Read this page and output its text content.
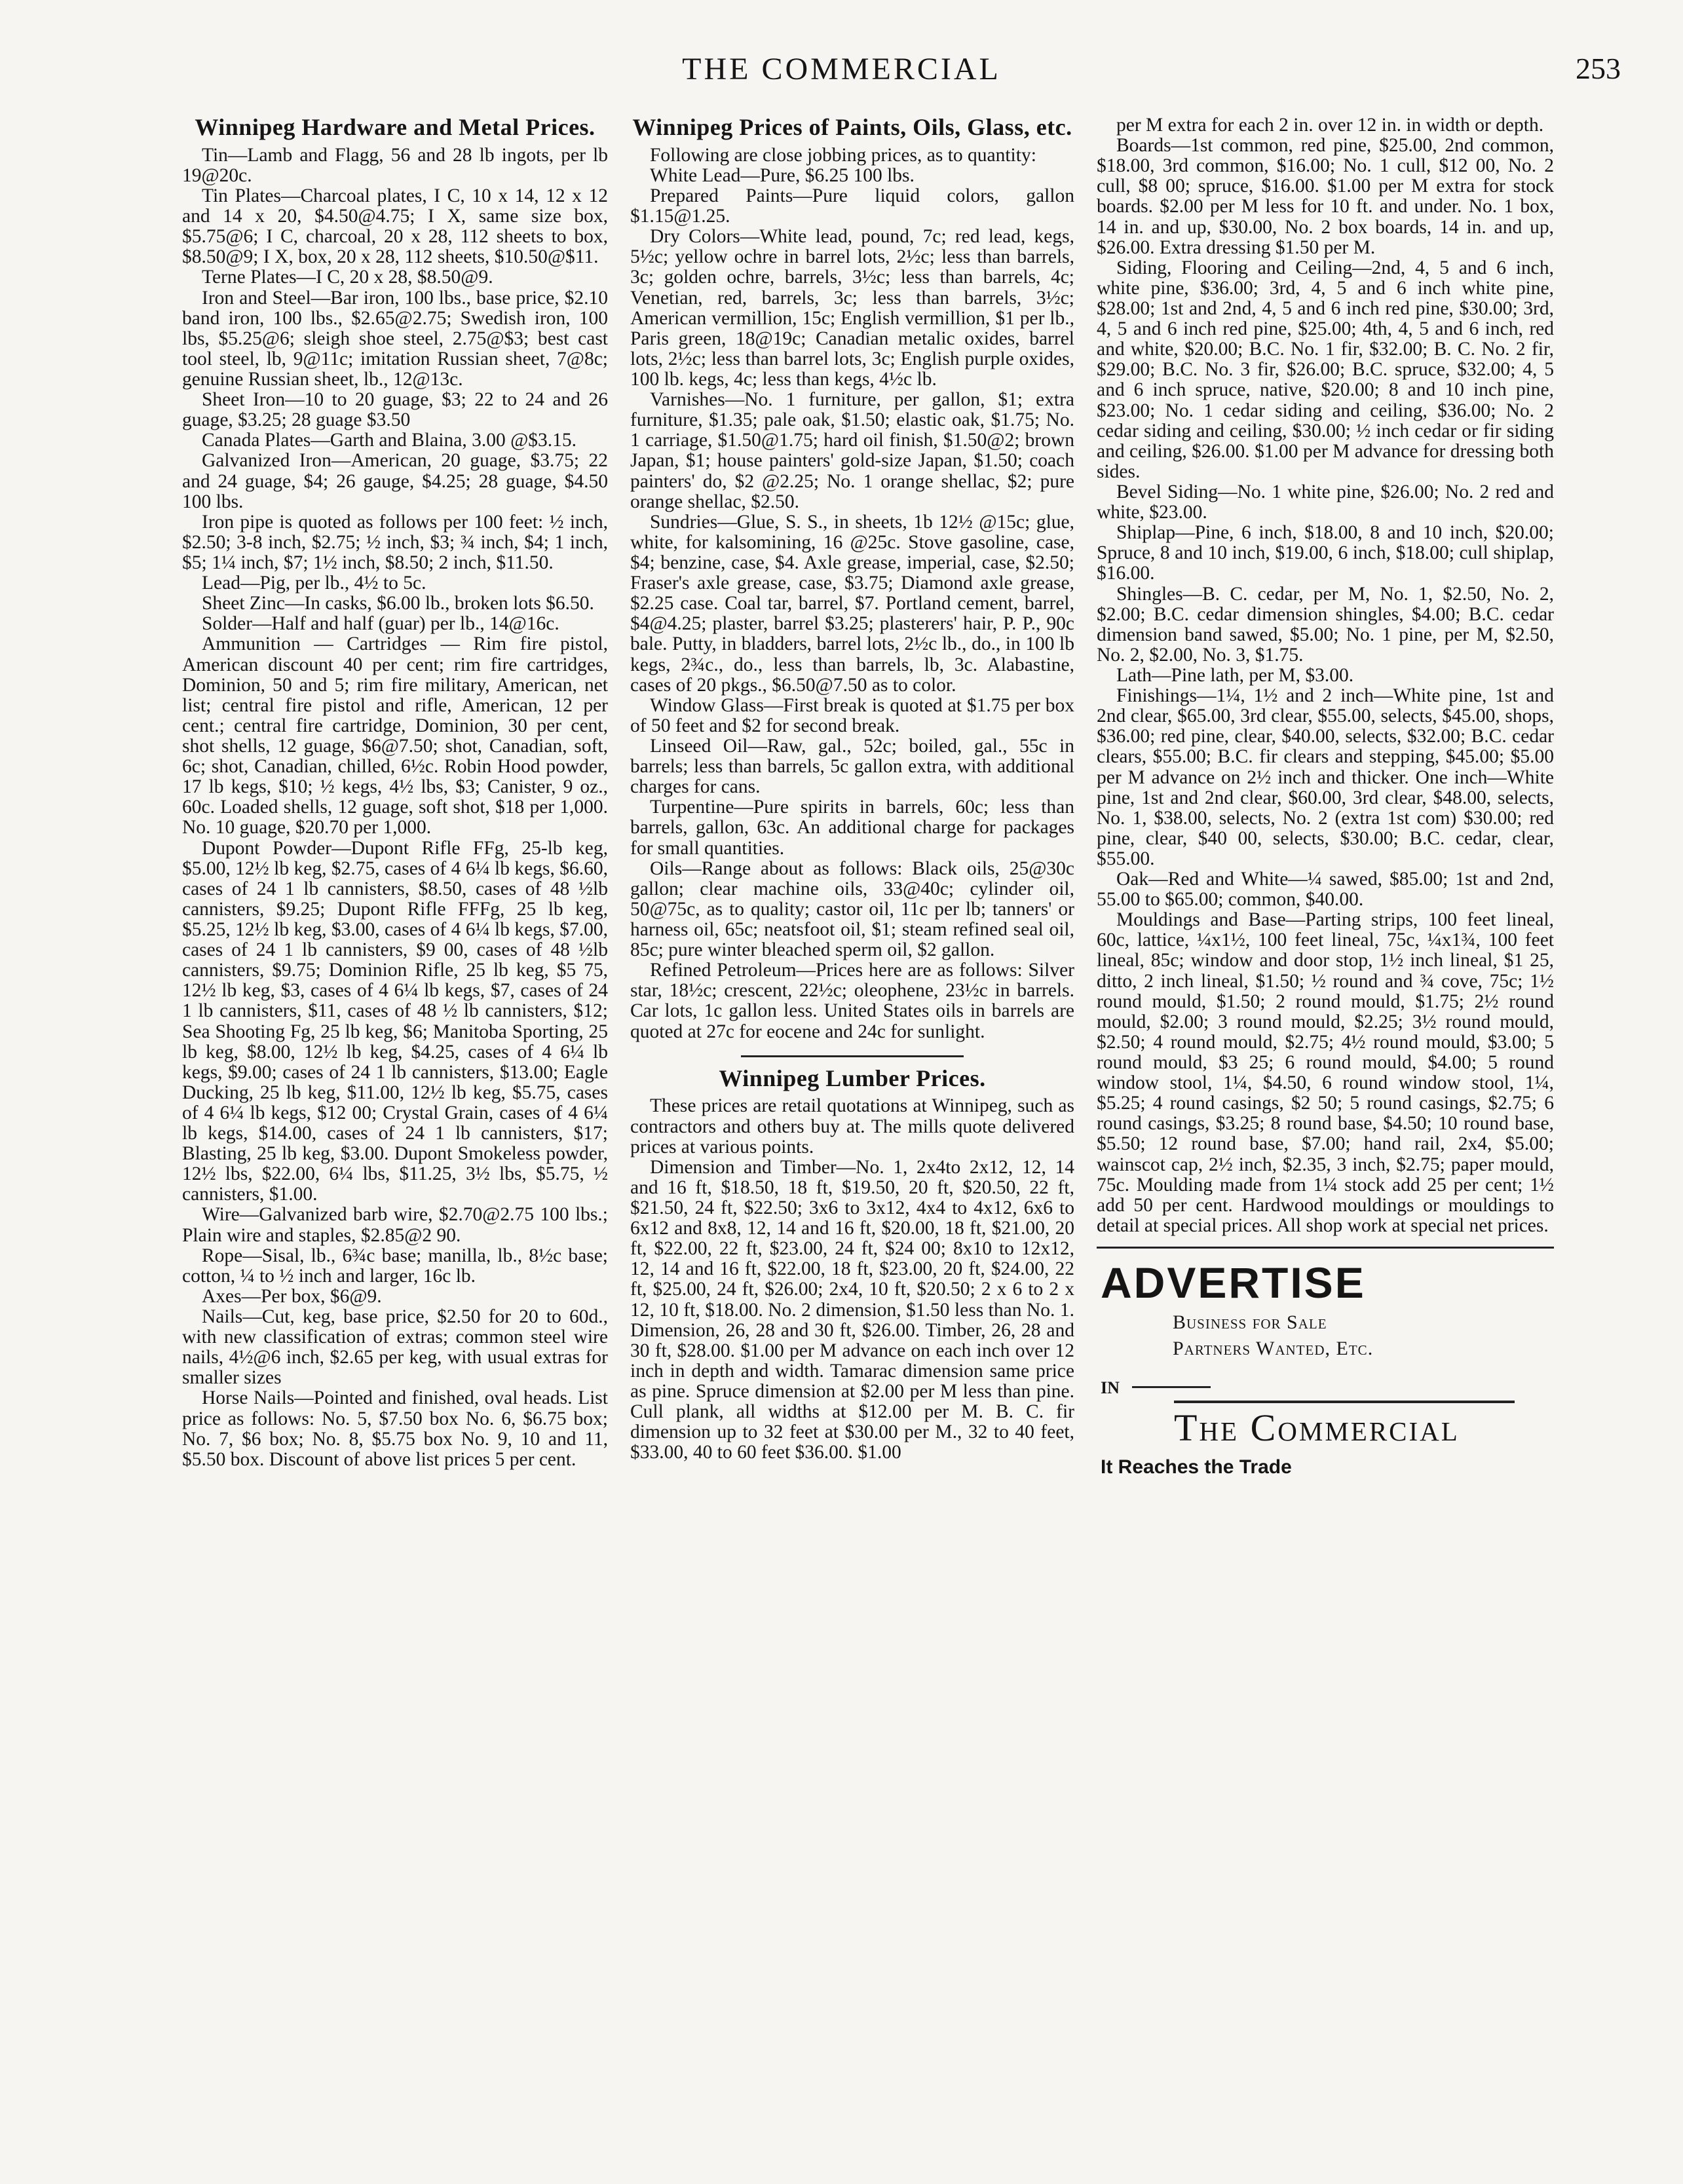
THE COMMERCIAL	253
Winnipeg Hardware and Metal Prices.

Tin—Lamb and Flagg, 56 and 28 lb ingots, per lb 19@20c.

Tin Plates—Charcoal plates, I C, 10 x 14, 12 x 12 and 14 x 20, $4.50@4.75; I X, same size box, $5.75@6; I C, charcoal, 20 x 28, 112 sheets to box, $8.50@9; I X, box, 20 x 28, 112 sheets, $10.50@$11.

Terne Plates—I C, 20 x 28, $8.50@9.

Iron and Steel—Bar iron, 100 lbs., base price, $2.10 band iron, 100 lbs., $2.65@2.75; Swedish iron, 100 lbs, $5.25@6; sleigh shoe steel, 2.75@$3; best cast tool steel, lb, 9@11c; imitation Russian sheet, 7@8c; genuine Russian sheet, lb., 12@13c.

Sheet Iron—10 to 20 guage, $3; 22 to 24 and 26 guage, $3.25; 28 guage $3.50

Canada Plates—Garth and Blaina, 3.00 @$3.15.

Galvanized Iron—American, 20 guage, $3.75; 22 and 24 guage, $4; 26 gauge, $4.25; 28 guage, $4.50 100 lbs.

Iron pipe is quoted as follows per 100 feet: ½ inch, $2.50; 3-8 inch, $2.75; ½ inch, $3; ¾ inch, $4; 1 inch, $5; 1¼ inch, $7; 1½ inch, $8.50; 2 inch, $11.50.

Lead—Pig, per lb., 4½ to 5c.

Sheet Zinc—In casks, $6.00 lb., broken lots $6.50.

Solder—Half and half (guar) per lb., 14@16c.

Ammunition — Cartridges — Rim fire pistol, American discount 40 per cent; rim fire cartridges, Dominion, 50 and 5; rim fire military, American, net list; central fire pistol and rifle, American, 12 per cent.; central fire cartridge, Dominion, 30 per cent, shot shells, 12 guage, $6@7.50; shot, Canadian, soft, 6c; shot, Canadian, chilled, 6½c. Robin Hood powder, 17 lb kegs, $10; ½ kegs, 4½ lbs, $3; Canister, 9 oz., 60c. Loaded shells, 12 guage, soft shot, $18 per 1,000. No. 10 guage, $20.70 per 1,000.

Dupont Powder—Dupont Rifle FFg, 25-lb keg, $5.00, 12½ lb keg, $2.75, cases of 4 6¼ lb kegs, $6.60, cases of 24 1 lb cannisters, $8.50, cases of 48 ½lb cannisters, $9.25; Dupont Rifle FFFg, 25 lb keg, $5.25, 12½ lb keg, $3.00, cases of 4 6¼ lb kegs, $7.00, cases of 24 1 lb cannisters, $9 00, cases of 48 ½lb cannisters, $9.75; Dominion Rifle, 25 lb keg, $5 75, 12½ lb keg, $3, cases of 4 6¼ lb kegs, $7, cases of 24 1 lb cannisters, $11, cases of 48 ½ lb cannisters, $12; Sea Shooting Fg, 25 lb keg, $6; Manitoba Sporting, 25 lb keg, $8.00, 12½ lb keg, $4.25, cases of 4 6¼ lb kegs, $9.00; cases of 24 1 lb cannisters, $13.00; Eagle Ducking, 25 lb keg, $11.00, 12½ lb keg, $5.75, cases of 4 6¼ lb kegs, $12 00; Crystal Grain, cases of 4 6¼ lb kegs, $14.00, cases of 24 1 lb cannisters, $17; Blasting, 25 lb keg, $3.00. Dupont Smokeless powder, 12½ lbs, $22.00, 6¼ lbs, $11.25, 3½ lbs, $5.75, ½ cannisters, $1.00.

Wire—Galvanized barb wire, $2.70@2.75 100 lbs.; Plain wire and staples, $2.85@2 90.

Rope—Sisal, lb., 6¾c base; manilla, lb., 8½c base; cotton, ¼ to ½ inch and larger, 16c lb.

Axes—Per box, $6@9.

Nails—Cut, keg, base price, $2.50 for 20 to 60d., with new classification of extras; common steel wire nails, 4½@6 inch, $2.65 per keg, with usual extras for smaller sizes

Horse Nails—Pointed and finished, oval heads. List price as follows: No. 5, $7.50 box No. 6, $6.75 box; No. 7, $6 box; No. 8, $5.75 box No. 9, 10 and 11, $5.50 box. Discount of above list prices 5 per cent.

Winnipeg Prices of Paints, Oils, Glass, etc.

Following are close jobbing prices, as to quantity:

White Lead—Pure, $6.25 100 lbs.

Prepared Paints—Pure liquid colors, gallon $1.15@1.25.

Dry Colors—White lead, pound, 7c; red lead, kegs, 5½c; yellow ochre in barrel lots, 2½c; less than barrels, 3c; golden ochre, barrels, 3½c; less than barrels, 4c; Venetian, red, barrels, 3c; less than barrels, 3½c; American vermillion, 15c; English vermillion, $1 per lb., Paris green, 18@19c; Canadian metalic oxides, barrel lots, 2½c; less than barrel lots, 3c; English purple oxides, 100 lb. kegs, 4c; less than kegs, 4½c lb.

Varnishes—No. 1 furniture, per gallon, $1; extra furniture, $1.35; pale oak, $1.50; elastic oak, $1.75; No. 1 carriage, $1.50@1.75; hard oil finish, $1.50@2; brown Japan, $1; house painters' gold-size Japan, $1.50; coach painters' do, $2 @2.25; No. 1 orange shellac, $2; pure orange shellac, $2.50.

Sundries—Glue, S. S., in sheets, 1b 12½ @15c; glue, white, for kalsomining, 16 @25c. Stove gasoline, case, $4; benzine, case, $4. Axle grease, imperial, case, $2.50; Fraser's axle grease, case, $3.75; Diamond axle grease, $2.25 case. Coal tar, barrel, $7. Portland cement, barrel, $4@4.25; plaster, barrel $3.25; plasterers' hair, P. P., 90c bale. Putty, in bladders, barrel lots, 2½c lb., do., in 100 lb kegs, 2¾c., do., less than barrels, lb, 3c. Alabastine, cases of 20 pkgs., $6.50@7.50 as to color.

Window Glass—First break is quoted at $1.75 per box of 50 feet and $2 for second break.

Linseed Oil—Raw, gal., 52c; boiled, gal., 55c in barrels; less than barrels, 5c gallon extra, with additional charges for cans.

Turpentine—Pure spirits in barrels, 60c; less than barrels, gallon, 63c. An additional charge for packages for small quantities.

Oils—Range about as follows: Black oils, 25@30c gallon; clear machine oils, 33@40c; cylinder oil, 50@75c, as to quality; castor oil, 11c per lb; tanners' or harness oil, 65c; neatsfoot oil, $1; steam refined seal oil, 85c; pure winter bleached sperm oil, $2 gallon.

Refined Petroleum—Prices here are as follows: Silver star, 18½c; crescent, 22½c; oleophene, 23½c in barrels. Car lots, 1c gallon less. United States oils in barrels are quoted at 27c for eocene and 24c for sunlight.

Winnipeg Lumber Prices.

These prices are retail quotations at Winnipeg, such as contractors and others buy at. The mills quote delivered prices at various points.

Dimension and Timber—No. 1, 2x4to 2x12, 12, 14 and 16 ft, $18.50, 18 ft, $19.50, 20 ft, $20.50, 22 ft, $21.50, 24 ft, $22.50; 3x6 to 3x12, 4x4 to 4x12, 6x6 to 6x12 and 8x8, 12, 14 and 16 ft, $20.00, 18 ft, $21.00, 20 ft, $22.00, 22 ft, $23.00, 24 ft, $24 00; 8x10 to 12x12, 12, 14 and 16 ft, $22.00, 18 ft, $23.00, 20 ft, $24.00, 22 ft, $25.00, 24 ft, $26.00; 2x4, 10 ft, $20.50; 2 x 6 to 2 x 12, 10 ft, $18.00. No. 2 dimension, $1.50 less than No. 1. Dimension, 26, 28 and 30 ft, $26.00. Timber, 26, 28 and 30 ft, $28.00. $1.00 per M advance on each inch over 12 inch in depth and width. Tamarac dimension same price as pine. Spruce dimension at $2.00 per M less than pine. Cull plank, all widths at $12.00 per M. B. C. fir dimension up to 32 feet at $30.00 per M., 32 to 40 feet, $33.00, 40 to 60 feet $36.00. $1.00

per M extra for each 2 in. over 12 in. in width or depth.

Boards—1st common, red pine, $25.00, 2nd common, $18.00, 3rd common, $16.00; No. 1 cull, $12 00, No. 2 cull, $8 00; spruce, $16.00. $1.00 per M extra for stock boards. $2.00 per M less for 10 ft. and under. No. 1 box, 14 in. and up, $30.00, No. 2 box boards, 14 in. and up, $26.00. Extra dressing $1.50 per M.

Siding, Flooring and Ceiling—2nd, 4, 5 and 6 inch, white pine, $36.00; 3rd, 4, 5 and 6 inch white pine, $28.00; 1st and 2nd, 4, 5 and 6 inch red pine, $30.00; 3rd, 4, 5 and 6 inch red pine, $25.00; 4th, 4, 5 and 6 inch, red and white, $20.00; B.C. No. 1 fir, $32.00; B. C. No. 2 fir, $29.00; B.C. No. 3 fir, $26.00; B.C. spruce, $32.00; 4, 5 and 6 inch spruce, native, $20.00; 8 and 10 inch pine, $23.00; No. 1 cedar siding and ceiling, $36.00; No. 2 cedar siding and ceiling, $30.00; ½ inch cedar or fir siding and ceiling, $26.00. $1.00 per M advance for dressing both sides.

Bevel Siding—No. 1 white pine, $26.00; No. 2 red and white, $23.00.

Shiplap—Pine, 6 inch, $18.00, 8 and 10 inch, $20.00; Spruce, 8 and 10 inch, $19.00, 6 inch, $18.00; cull shiplap, $16.00.

Shingles—B. C. cedar, per M, No. 1, $2.50, No. 2, $2.00; B.C. cedar dimension shingles, $4.00; B.C. cedar dimension band sawed, $5.00; No. 1 pine, per M, $2.50, No. 2, $2.00, No. 3, $1.75.

Lath—Pine lath, per M, $3.00.

Finishings—1¼, 1½ and 2 inch—White pine, 1st and 2nd clear, $65.00, 3rd clear, $55.00, selects, $45.00, shops, $36.00; red pine, clear, $40.00, selects, $32.00; B.C. cedar clears, $55.00; B.C. fir clears and stepping, $45.00; $5.00 per M advance on 2½ inch and thicker. One inch—White pine, 1st and 2nd clear, $60.00, 3rd clear, $48.00, selects, No. 1, $38.00, selects, No. 2 (extra 1st com) $30.00; red pine, clear, $40 00, selects, $30.00; B.C. cedar, clear, $55.00.

Oak—Red and White—¼ sawed, $85.00; 1st and 2nd, 55.00 to $65.00; common, $40.00.

Mouldings and Base—Parting strips, 100 feet lineal, 60c, lattice, ¼x1½, 100 feet lineal, 75c, ¼x1¾, 100 feet lineal, 85c; window and door stop, 1½ inch lineal, $1 25, ditto, 2 inch lineal, $1.50; ½ round and ¾ cove, 75c; 1½ round mould, $1.50; 2 round mould, $1.75; 2½ round mould, $2.00; 3 round mould, $2.25; 3½ round mould, $2.50; 4 round mould, $2.75; 4½ round mould, $3.00; 5 round mould, $3 25; 6 round mould, $4.00; 5 round window stool, 1¼, $4.50, 6 round window stool, 1¼, $5.25; 4 round casings, $2 50; 5 round casings, $2.75; 6 round casings, $3.25; 8 round base, $4.50; 10 round base, $5.50; 12 round base, $7.00; hand rail, 2x4, $5.00; wainscot cap, 2½ inch, $2.35, 3 inch, $2.75; paper mould, 75c. Moulding made from 1¼ stock add 25 per cent; 1½ add 50 per cent. Hardwood mouldings or mouldings to detail at special prices. All shop work at special net prices.

ADVERTISE
Business for Sale
Partners Wanted, Etc.
IN
The Commercial
It Reaches the Trade
